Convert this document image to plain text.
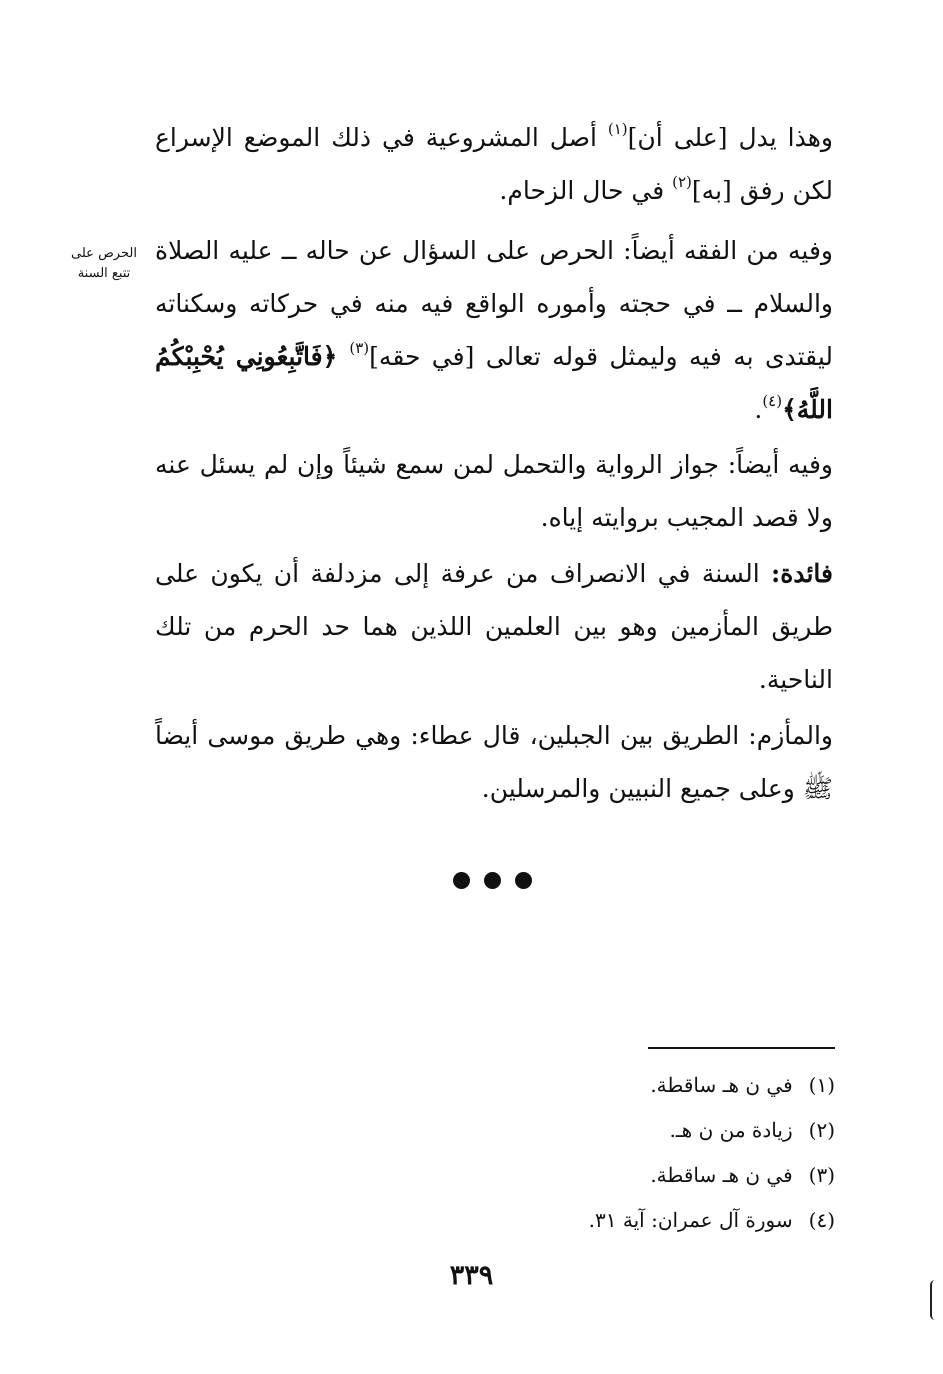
وهذا يدل [على أن]$^{(١)}$ أصل المشروعية في ذلك الموضع الإسراع لكن رفق [به]$^{(٢)}$ في حال الزحام.

الحرص على
تتبع السنة

وفيه من الفقه أيضاً: الحرص على السؤال عن حاله ــ عليه الصلاة والسلام ــ في حجته وأموره الواقع فيه منه في حركاته وسكناته ليقتدى به فيه وليمثل قوله تعالى [في حقه]$^{(٣)}$ ﴿فَاتَّبِعُونِي يُحْبِبْكُمُ اللَّهُ﴾$^{(٤)}$.

وفيه أيضاً: جواز الرواية والتحمل لمن سمع شيئاً وإن لم يسئل عنه ولا قصد المجيب بروايته إياه.

فائدة: السنة في الانصراف من عرفة إلى مزدلفة أن يكون على طريق المأزمين وهو بين العلمين اللذين هما حد الحرم من تلك الناحية.

والمأزم: الطريق بين الجبلين، قال عطاء: وهي طريق موسى أيضاً ﷺ وعلى جميع النبيين والمرسلين.

(١)في ن هـ ساقطة.
(٢)زيادة من ن هـ.
(٣)في ن هـ ساقطة.
(٤)سورة آل عمران: آية ٣١.
٣٣٩
